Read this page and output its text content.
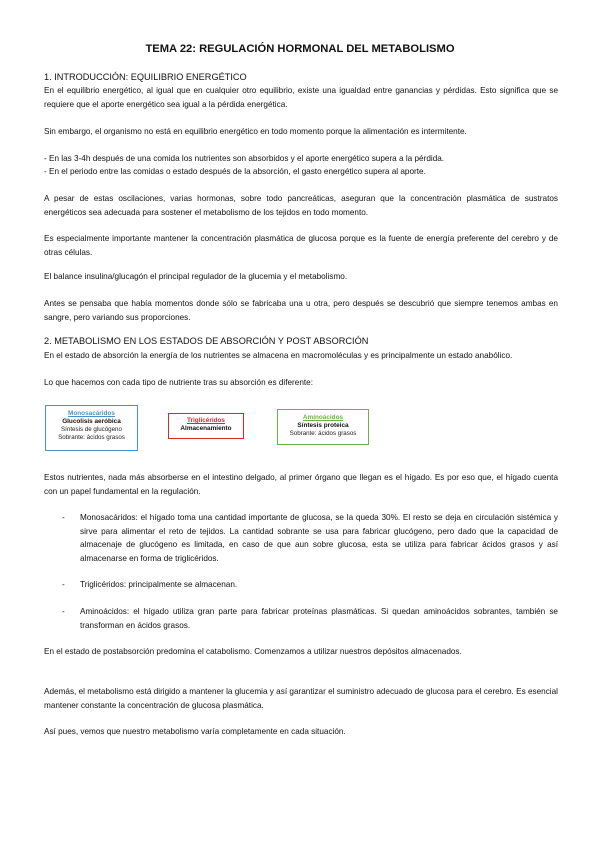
TEMA 22: REGULACIÓN HORMONAL DEL METABOLISMO
1. INTRODUCCIÓN: EQUILIBRIO ENERGÉTICO

En el equilibrio energético, al igual que en cualquier otro equilibrio, existe una igualdad entre ganancias y pérdidas. Esto significa que se requiere que el aporte energético sea igual a la pérdida energética.

Sin embargo, el organismo no está en equilibrio energético en todo momento porque la alimentación es intermitente.

- En las 3-4h después de una comida los nutrientes son absorbidos y el aporte energético supera a la pérdida.
- En el periodo entre las comidas o estado después de la absorción, el gasto energético supera al aporte.

A pesar de estas oscilaciones, varias hormonas, sobre todo pancreáticas, aseguran que la concentración plasmática de sustratos energéticos sea adecuada para sostener el metabolismo de los tejidos en todo momento.

Es especialmente importante mantener la concentración plasmática de glucosa porque es la fuente de energía preferente del cerebro y de otras células.

El balance insulina/glucagón el principal regulador de la glucemia y el metabolismo.

Antes se pensaba que había momentos donde sólo se fabricaba una u otra, pero después se descubrió que siempre tenemos ambas en sangre, pero variando sus proporciones.

2. METABOLISMO EN LOS ESTADOS DE ABSORCIÓN Y POST ABSORCIÓN

En el estado de absorción la energía de los nutrientes se almacena en macromoléculas y es principalmente un estado anabólico.

Lo que hacemos con cada tipo de nutriente tras su absorción es diferente:
Monosacáridos
Glucolisis aeróbica
Síntesis de glucógeno
Sobrante: ácidos grasos
Triglicéridos
Almacenamiento
Aminoácidos
Síntesis proteica
Sobrante: ácidos grasos

Estos nutrientes, nada más absorberse en el intestino delgado, al primer órgano que llegan es el hígado. Es por eso que, el hígado cuenta con un papel fundamental en la regulación.

- Monosacáridos: el hígado toma una cantidad importante de glucosa, se la queda 30%. El resto se deja en circulación sistémica y sirve para alimentar el reto de tejidos. La cantidad sobrante se usa para fabricar glucógeno, pero dado que la capacidad de almacenaje de glucógeno es limitada, en caso de que aun sobre glucosa, esta se utiliza para fabricar ácidos grasos y así almacenarse en forma de triglicéridos.

- Triglicéridos: principalmente se almacenan.

- Aminoácidos: el hígado utiliza gran parte para fabricar proteínas plasmáticas. Si quedan aminoácidos sobrantes, también se transforman en ácidos grasos.

En el estado de postabsorción predomina el catabolismo. Comenzamos a utilizar nuestros depósitos almacenados.

Además, el metabolismo está dirigido a mantener la glucemia y así garantizar el suministro adecuado de glucosa para el cerebro. Es esencial mantener constante la concentración de glucosa plasmática.

Así pues, vemos que nuestro metabolismo varía completamente en cada situación.
